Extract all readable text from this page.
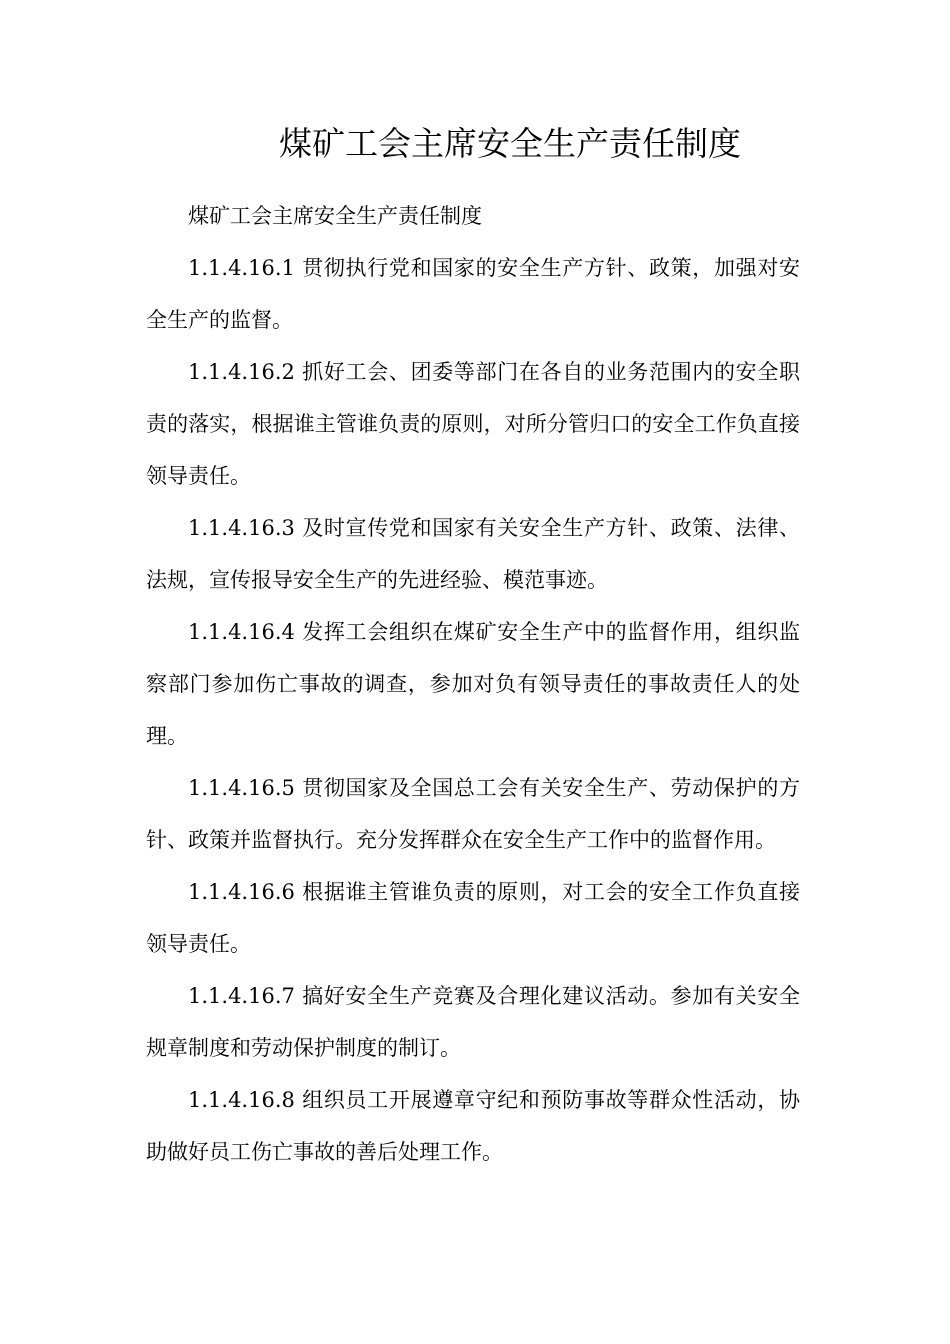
煤矿工会主席安全生产责任制度

煤矿工会主席安全生产责任制度

1.1.4.16.1 贯彻执行党和国家的安全生产方针、政策，加强对安全生产的监督。

1.1.4.16.2 抓好工会、团委等部门在各自的业务范围内的安全职责的落实，根据谁主管谁负责的原则，对所分管归口的安全工作负直接领导责任。

1.1.4.16.3 及时宣传党和国家有关安全生产方针、政策、法律、法规，宣传报导安全生产的先进经验、模范事迹。

1.1.4.16.4 发挥工会组织在煤矿安全生产中的监督作用，组织监察部门参加伤亡事故的调查，参加对负有领导责任的事故责任人的处理。

1.1.4.16.5 贯彻国家及全国总工会有关安全生产、劳动保护的方针、政策并监督执行。充分发挥群众在安全生产工作中的监督作用。

1.1.4.16.6 根据谁主管谁负责的原则，对工会的安全工作负直接领导责任。

1.1.4.16.7 搞好安全生产竞赛及合理化建议活动。参加有关安全规章制度和劳动保护制度的制订。

1.1.4.16.8 组织员工开展遵章守纪和预防事故等群众性活动，协助做好员工伤亡事故的善后处理工作。
